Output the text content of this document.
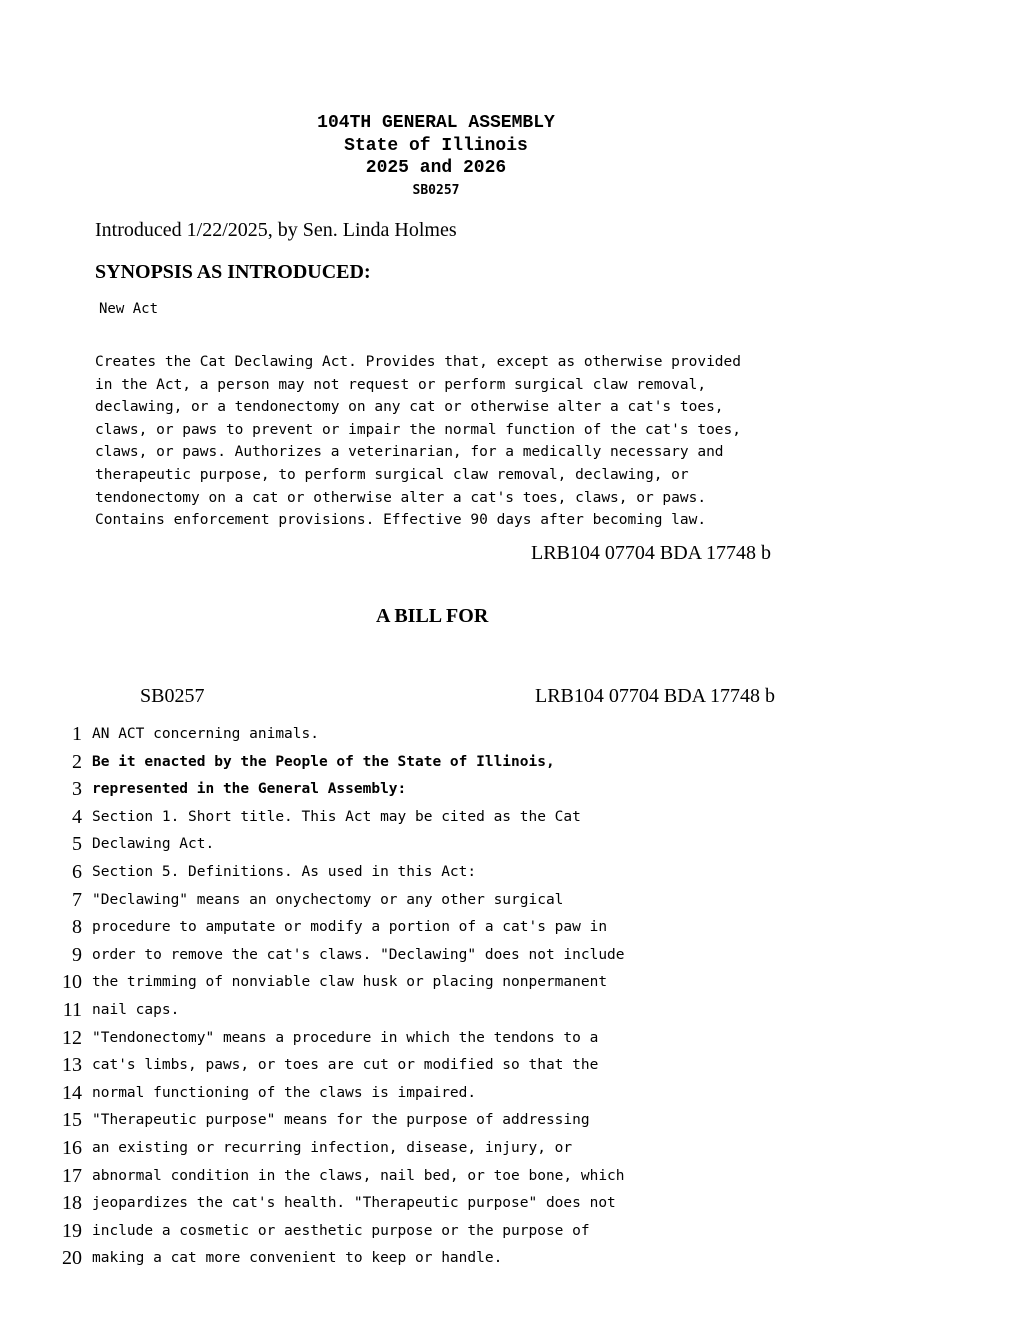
104TH GENERAL ASSEMBLY
State of Illinois
2025 and 2026
SB0257
Introduced 1/22/2025, by Sen. Linda Holmes
SYNOPSIS AS INTRODUCED:
New Act
Creates the Cat Declawing Act. Provides that, except as otherwise provided
in the Act, a person may not request or perform surgical claw removal,
declawing, or a tendonectomy on any cat or otherwise alter a cat's toes,
claws, or paws to prevent or impair the normal function of the cat's toes,
claws, or paws. Authorizes a veterinarian, for a medically necessary and
therapeutic purpose, to perform surgical claw removal, declawing, or
tendonectomy on a cat or otherwise alter a cat's toes, claws, or paws.
Contains enforcement provisions. Effective 90 days after becoming law.
LRB104 07704 BDA 17748 b
A BILL FOR
SB0257	LRB104 07704 BDA 17748 b
1 AN ACT concerning animals.
2 Be it enacted by the People of the State of Illinois,
3 represented in the General Assembly:
4 Section 1. Short title. This Act may be cited as the Cat
5 Declawing Act.
6 Section 5. Definitions. As used in this Act:
7 "Declawing" means an onychectomy or any other surgical
8 procedure to amputate or modify a portion of a cat's paw in
9 order to remove the cat's claws. "Declawing" does not include
10 the trimming of nonviable claw husk or placing nonpermanent
11 nail caps.
12 "Tendonectomy" means a procedure in which the tendons to a
13 cat's limbs, paws, or toes are cut or modified so that the
14 normal functioning of the claws is impaired.
15 "Therapeutic purpose" means for the purpose of addressing
16 an existing or recurring infection, disease, injury, or
17 abnormal condition in the claws, nail bed, or toe bone, which
18 jeopardizes the cat's health. "Therapeutic purpose" does not
19 include a cosmetic or aesthetic purpose or the purpose of
20 making a cat more convenient to keep or handle.
